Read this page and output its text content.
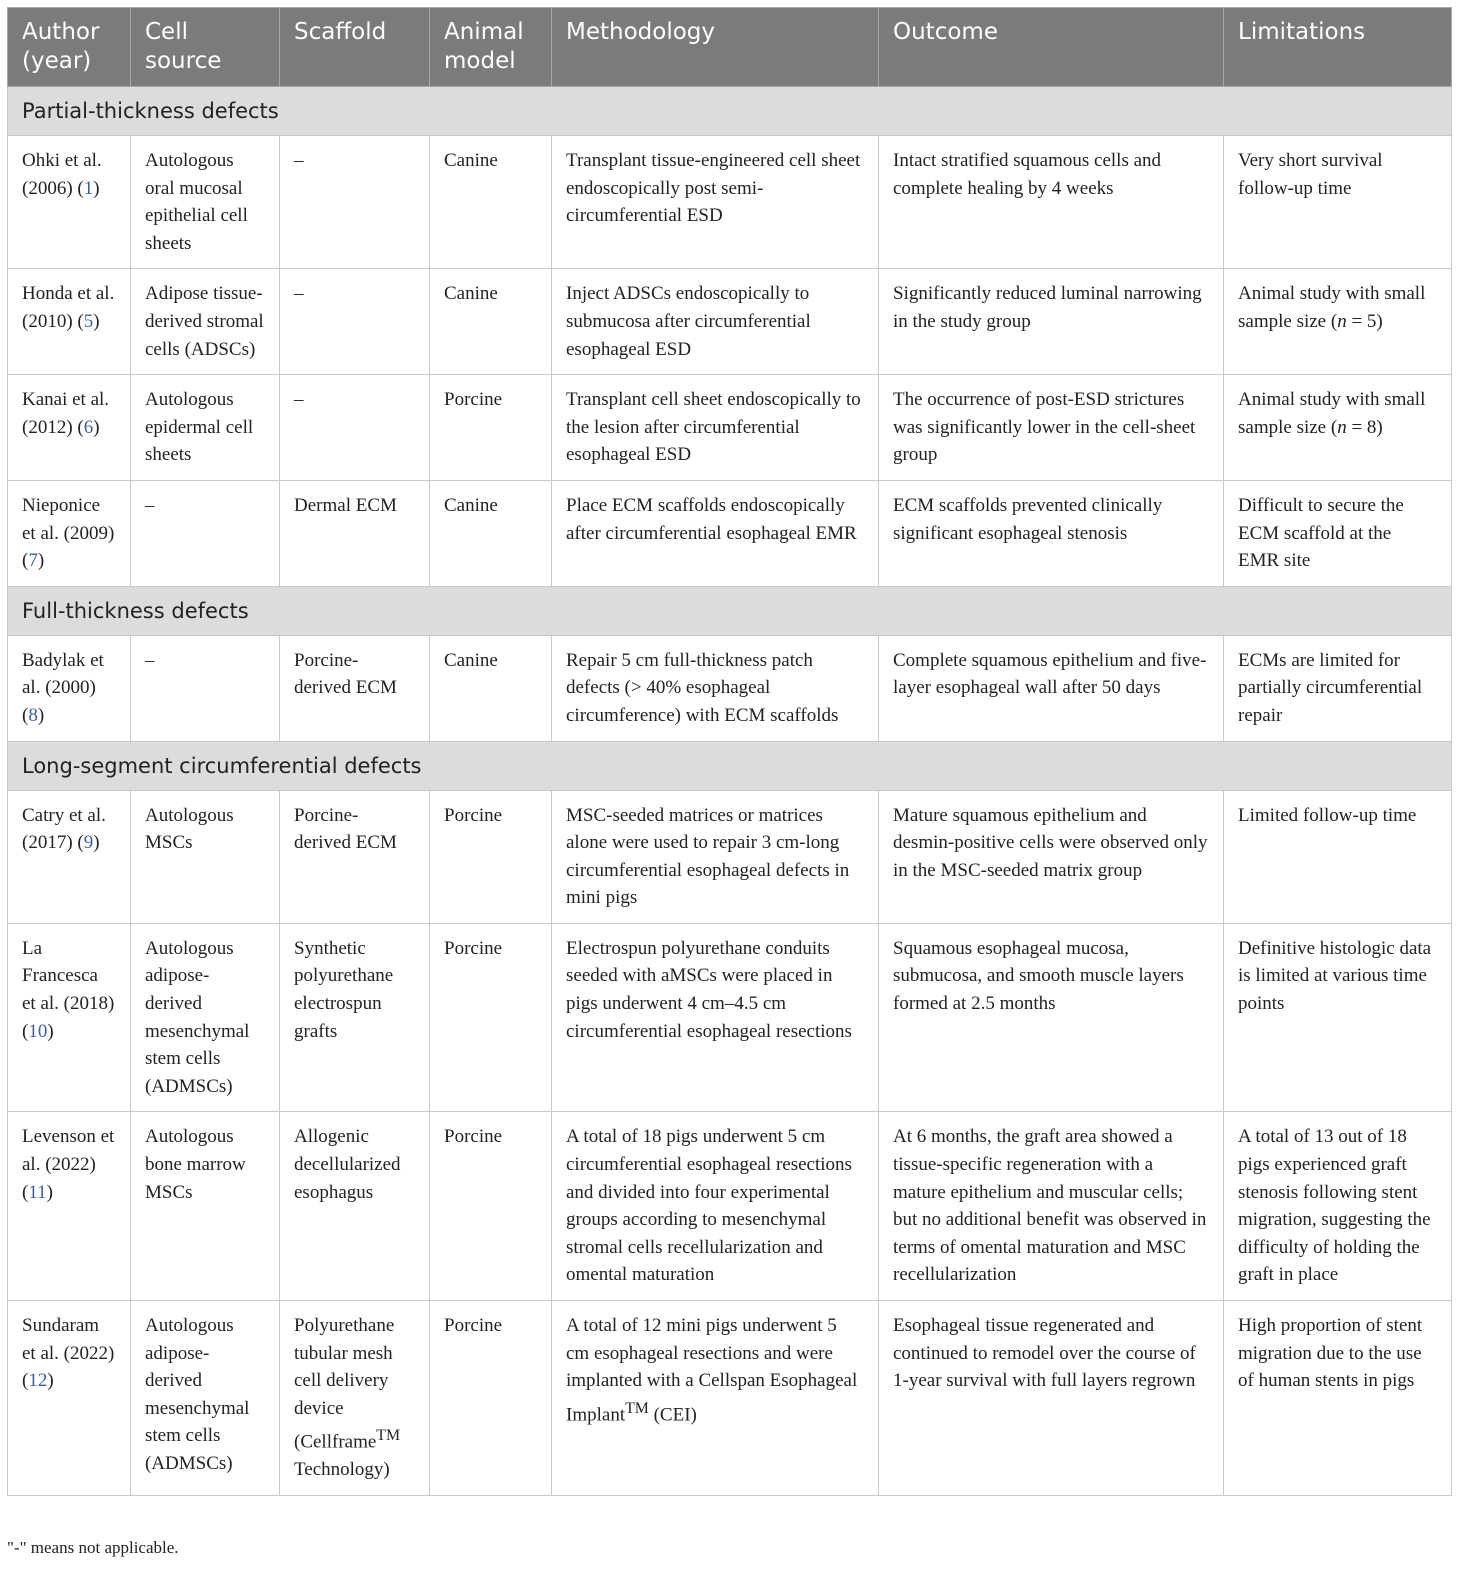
Author (year)	Cell source	Scaffold	Animal model	Methodology	Outcome	Limitations
Partial-thickness defects						
Ohki et al. (2006) (1)	Autologous oral mucosal epithelial cell sheets	–	Canine	Transplant tissue-engineered cell sheet endoscopically post semi-circumferential ESD	Intact stratified squamous cells and complete healing by 4 weeks	Very short survival follow-up time
Honda et al. (2010) (5)	Adipose tissue-derived stromal cells (ADSCs)	–	Canine	Inject ADSCs endoscopically to submucosa after circumferential esophageal ESD	Significantly reduced luminal narrowing in the study group	Animal study with small sample size (n = 5)
Kanai et al. (2012) (6)	Autologous epidermal cell sheets	–	Porcine	Transplant cell sheet endoscopically to the lesion after circumferential esophageal ESD	The occurrence of post-ESD strictures was significantly lower in the cell-sheet group	Animal study with small sample size (n = 8)
Nieponice et al. (2009) (7)	–	Dermal ECM	Canine	Place ECM scaffolds endoscopically after circumferential esophageal EMR	ECM scaffolds prevented clinically significant esophageal stenosis	Difficult to secure the ECM scaffold at the EMR site
Full-thickness defects						
Badylak et al. (2000) (8)	–	Porcine-derived ECM	Canine	Repair 5 cm full-thickness patch defects (> 40% esophageal circumference) with ECM scaffolds	Complete squamous epithelium and five-layer esophageal wall after 50 days	ECMs are limited for partially circumferential repair
Long-segment circumferential defects						
Catry et al. (2017) (9)	Autologous MSCs	Porcine-derived ECM	Porcine	MSC-seeded matrices or matrices alone were used to repair 3 cm-long circumferential esophageal defects in mini pigs	Mature squamous epithelium and desmin-positive cells were observed only in the MSC-seeded matrix group	Limited follow-up time
La Francesca et al. (2018) (10)	Autologous adipose-derived mesenchymal stem cells (ADMSCs)	Synthetic polyurethane electrospun grafts	Porcine	Electrospun polyurethane conduits seeded with aMSCs were placed in pigs underwent 4 cm–4.5 cm circumferential esophageal resections	Squamous esophageal mucosa, submucosa, and smooth muscle layers formed at 2.5 months	Definitive histologic data is limited at various time points
Levenson et al. (2022) (11)	Autologous bone marrow MSCs	Allogenic decellularized esophagus	Porcine	A total of 18 pigs underwent 5 cm circumferential esophageal resections and divided into four experimental groups according to mesenchymal stromal cells recellularization and omental maturation	At 6 months, the graft area showed a tissue-specific regeneration with a mature epithelium and muscular cells; but no additional benefit was observed in terms of omental maturation and MSC recellularization	A total of 13 out of 18 pigs experienced graft stenosis following stent migration, suggesting the difficulty of holding the graft in place
Sundaram et al. (2022) (12)	Autologous adipose-derived mesenchymal stem cells (ADMSCs)	Polyurethane tubular mesh cell delivery device (Cellframe™ Technology)	Porcine	A total of 12 mini pigs underwent 5 cm esophageal resections and were implanted with a Cellspan Esophageal Implant™ (CEI)	Esophageal tissue regenerated and continued to remodel over the course of 1-year survival with full layers regrown	High proportion of stent migration due to the use of human stents in pigs
"-" means not applicable.
